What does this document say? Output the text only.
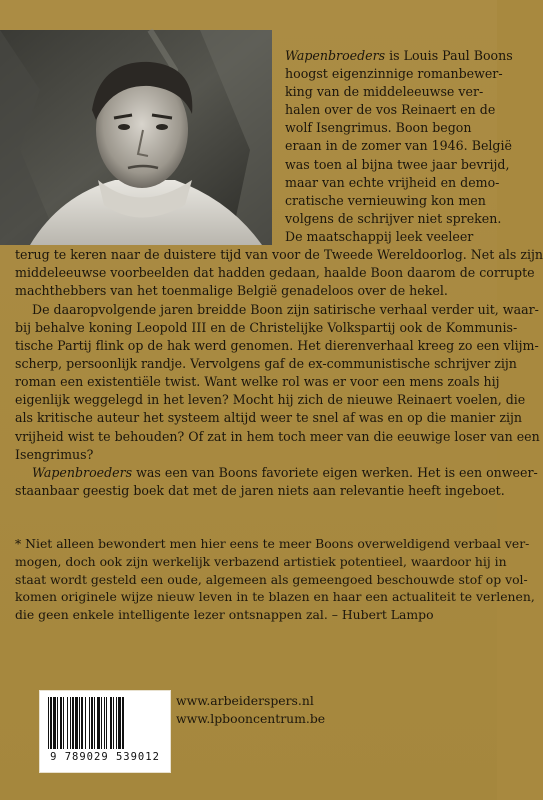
Wapenbroeders is Louis Paul Boons
hoogst eigenzinnige romanbewer-
king van de middeleeuwse ver-
halen over de vos Reinaert en de
wolf Isengrimus. Boon begon
eraan in de zomer van 1946. België
was toen al bijna twee jaar bevrijd,
maar van echte vrijheid en demo-
cratische vernieuwing kon men
volgens de schrijver niet spreken.
De maatschappij leek veeleer

terug te keren naar de duistere tijd van voor de Tweede Wereldoorlog. Net als zijn
middeleeuwse voorbeelden dat hadden gedaan, haalde Boon daarom de corrupte
machthebbers van het toenmalige België genadeloos over de hekel.

De daaropvolgende jaren breidde Boon zijn satirische verhaal verder uit, waar-

bij behalve koning Leopold III en de Christelijke Volkspartij ook de Kommunis-
tische Partij flink op de hak werd genomen. Het dierenverhaal kreeg zo een vlijm-
scherp, persoonlijk randje. Vervolgens gaf de ex-communistische schrijver zijn
roman een existentiële twist. Want welke rol was er voor een mens zoals hij
eigenlijk weggelegd in het leven? Mocht hij zich de nieuwe Reinaert voelen, die
als kritische auteur het systeem altijd weer te snel af was en op die manier zijn
vrijheid wist te behouden? Of zat in hem toch meer van die eeuwige loser van een
Isengrimus?

Wapenbroeders was een van Boons favoriete eigen werken. Het is een onweer-

staanbaar geestig boek dat met de jaren niets aan relevantie heeft ingeboet.

* Niet alleen bewondert men hier eens te meer Boons overweldigend verbaal ver-
mogen, doch ook zijn werkelijk verbazend artistiek potentieel, waardoor hij in
staat wordt gesteld een oude, algemeen als gemeengoed beschouwde stof op vol-
komen originele wijze nieuw leven in te blazen en haar een actualiteit te verlenen,
die geen enkele intelligente lezer ontsnappen zal. – Hubert Lampo

9 789029 539012
www.arbeiderspers.nl
www.lpbooncentrum.be
